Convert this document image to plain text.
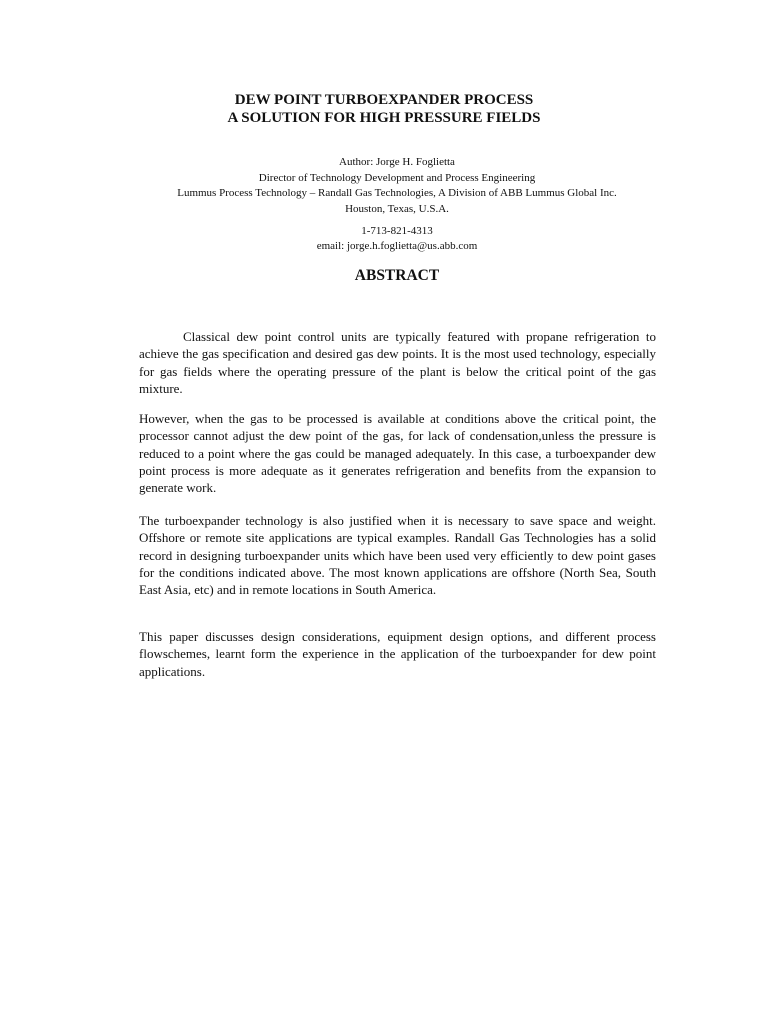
DEW POINT TURBOEXPANDER PROCESS
A SOLUTION FOR HIGH PRESSURE FIELDS
Author: Jorge H. Foglietta
Director of Technology Development and Process Engineering
Lummus Process Technology – Randall Gas Technologies, A Division of ABB Lummus Global Inc.
Houston, Texas, U.S.A.
1-713-821-4313
email: jorge.h.foglietta@us.abb.com
ABSTRACT

Classical dew point control units are typically featured with propane refrigeration to achieve the gas specification and desired gas dew points. It is the most used technology, especially for gas fields where the operating pressure of the plant is below the critical point of the gas mixture.

However, when the gas to be processed is available at conditions above the critical point, the processor cannot adjust the dew point of the gas, for lack of condensation,unless the pressure is reduced to a point where the gas could be managed adequately. In this case, a turboexpander dew point process is more adequate as it generates refrigeration and benefits from the expansion to generate work.

The turboexpander technology is also justified when it is necessary to save space and weight. Offshore or remote site applications are typical examples. Randall Gas Technologies has a solid record in designing turboexpander units which have been used very efficiently to dew point gases for the conditions indicated above. The most known applications are offshore (North Sea, South East Asia, etc) and in remote locations in South America.

This paper discusses design considerations, equipment design options, and different process flowschemes, learnt form the experience in the application of the turboexpander for dew point applications.
